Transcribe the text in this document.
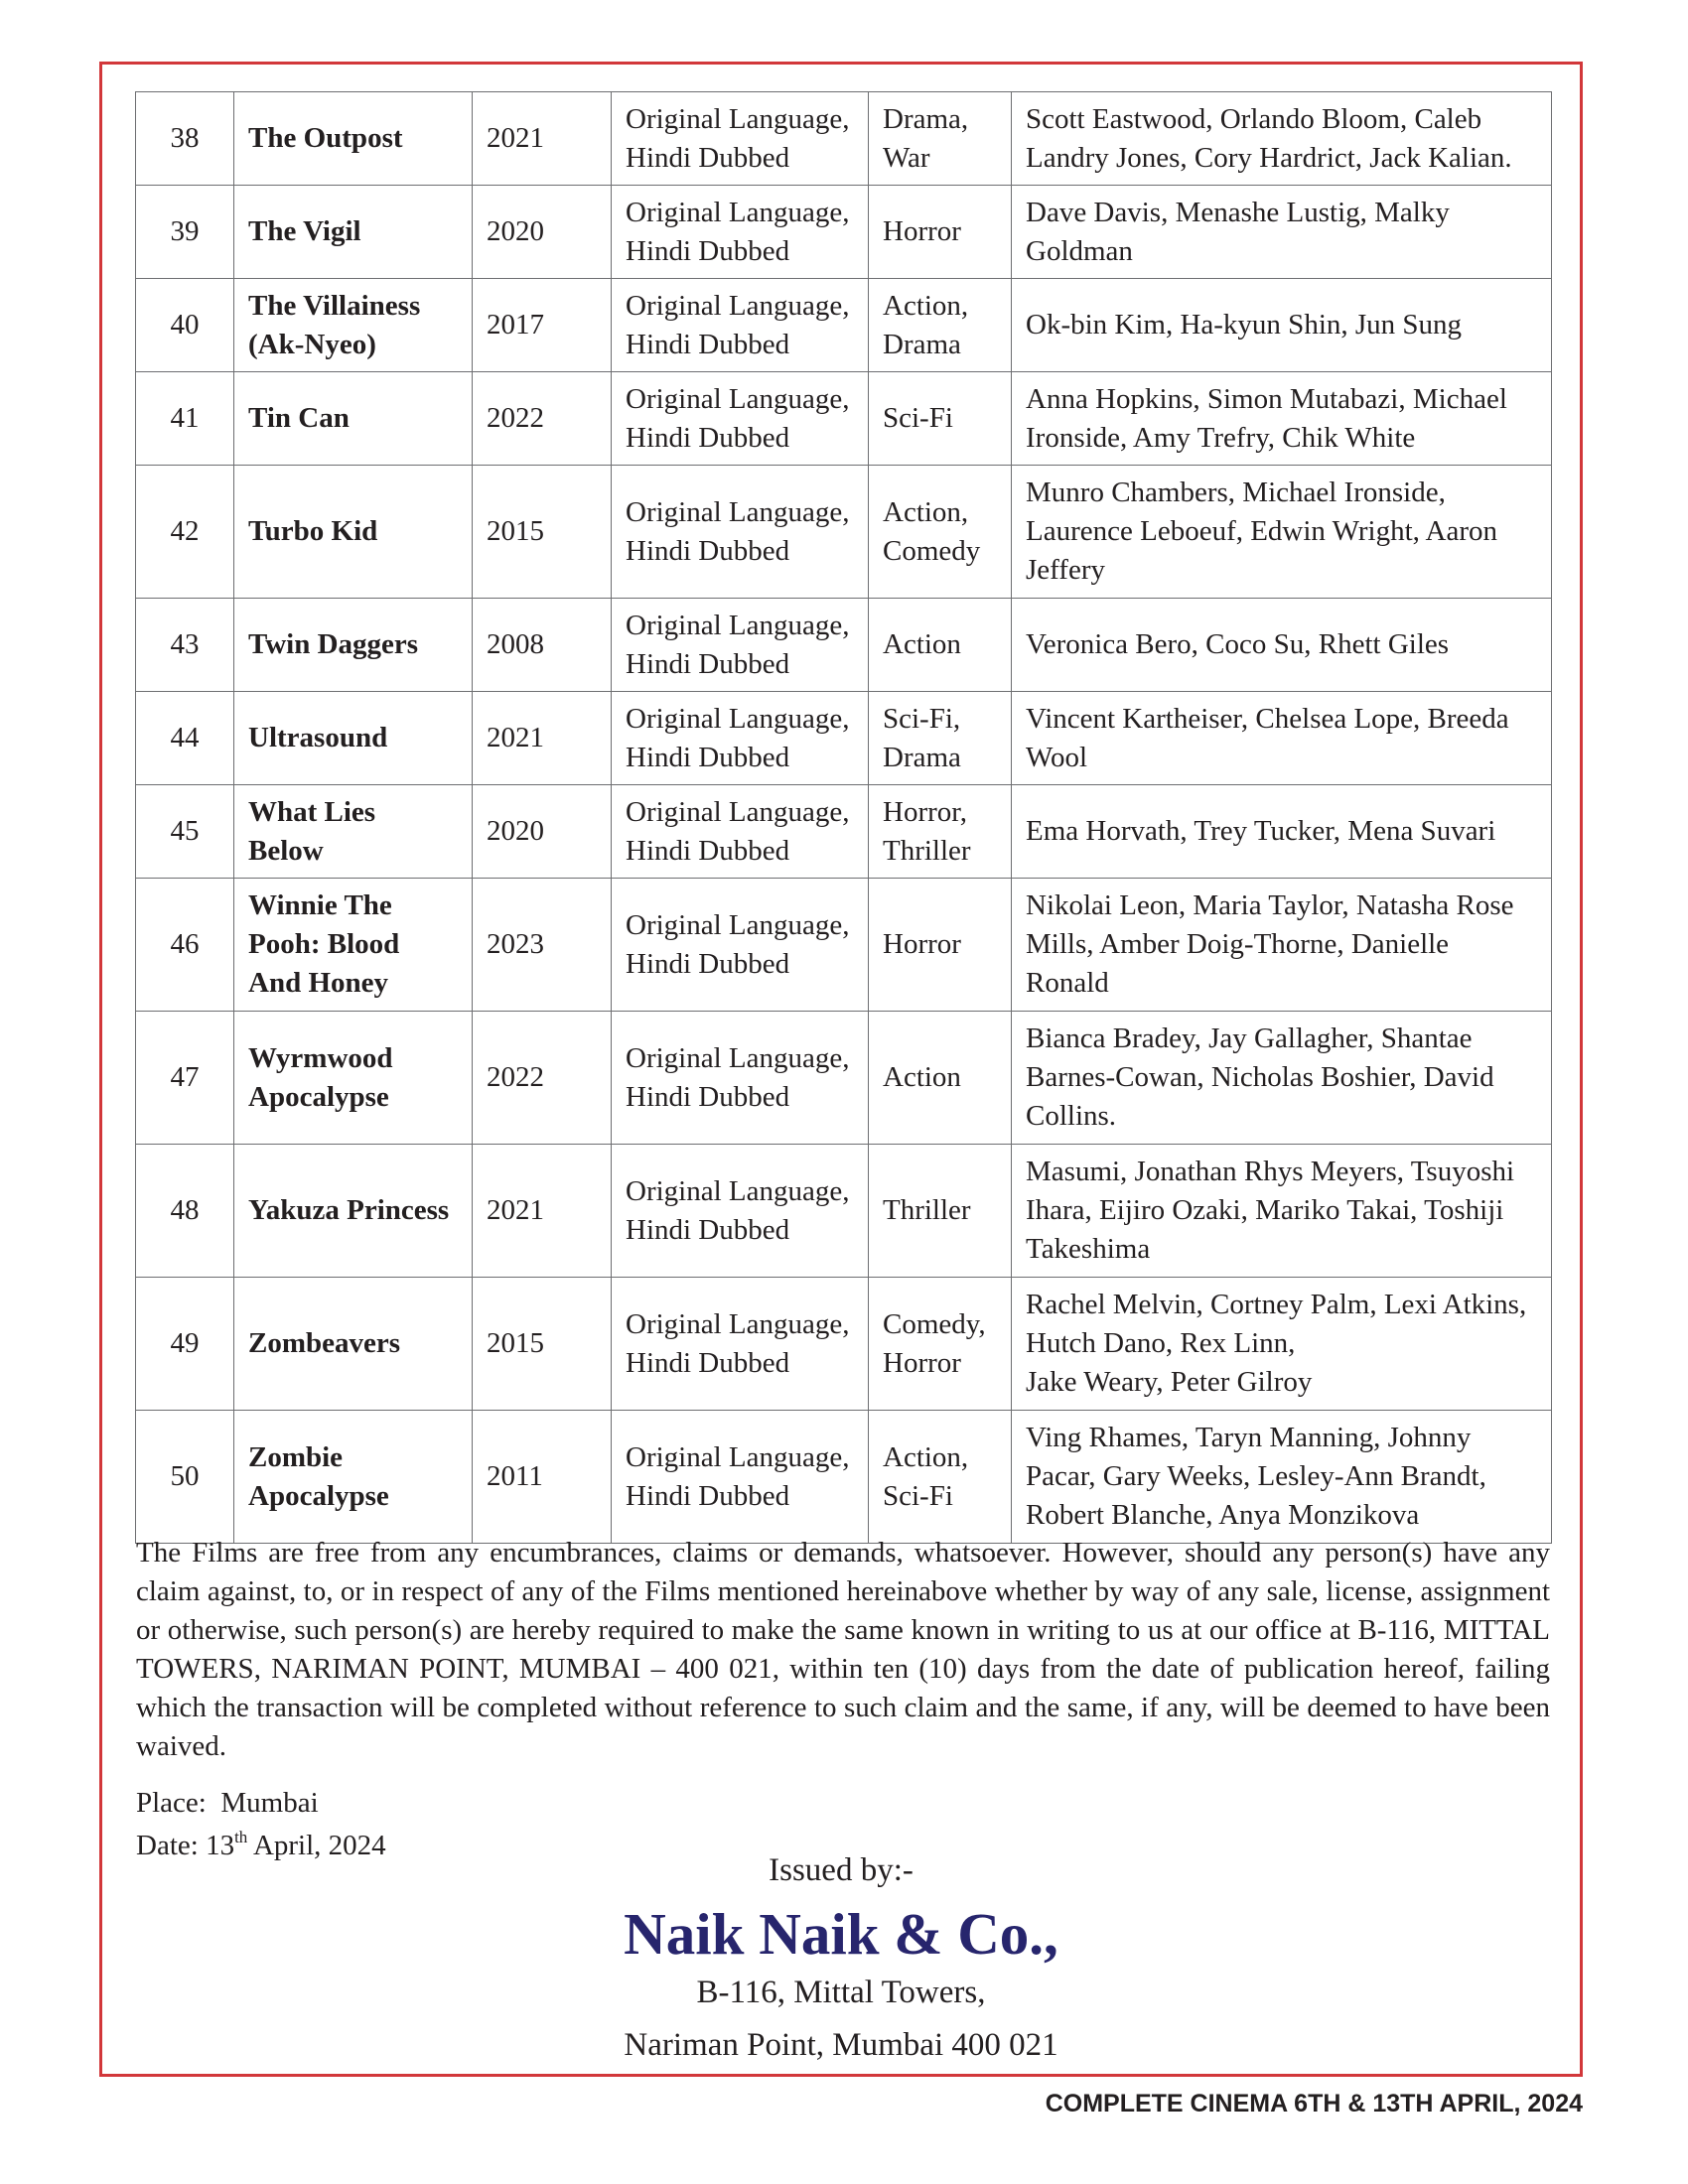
38	The Outpost	2021	Original Language, Hindi Dubbed	Drama, War	Scott Eastwood, Orlando Bloom, Caleb Landry Jones, Cory Hardrict, Jack Kalian.
39	The Vigil	2020	Original Language, Hindi Dubbed	Horror	Dave Davis, Menashe Lustig, Malky Goldman
40	The Villainess (Ak-Nyeo)	2017	Original Language, Hindi Dubbed	Action, Drama	Ok-bin Kim, Ha-kyun Shin, Jun Sung
41	Tin Can	2022	Original Language, Hindi Dubbed	Sci-Fi	Anna Hopkins, Simon Mutabazi, Michael Ironside, Amy Trefry, Chik White
42	Turbo Kid	2015	Original Language, Hindi Dubbed	Action, Comedy	Munro Chambers, Michael Ironside, Laurence Leboeuf, Edwin Wright, Aaron Jeffery
43	Twin Daggers	2008	Original Language, Hindi Dubbed	Action	Veronica Bero, Coco Su, Rhett Giles
44	Ultrasound	2021	Original Language, Hindi Dubbed	Sci-Fi, Drama	Vincent Kartheiser, Chelsea Lope, Breeda Wool
45	What Lies Below	2020	Original Language, Hindi Dubbed	Horror, Thriller	Ema Horvath, Trey Tucker, Mena Suvari
46	Winnie The Pooh: Blood And Honey	2023	Original Language, Hindi Dubbed	Horror	Nikolai Leon, Maria Taylor, Natasha Rose Mills, Amber Doig-Thorne, Danielle Ronald
47	Wyrmwood Apocalypse	2022	Original Language, Hindi Dubbed	Action	Bianca Bradey, Jay Gallagher, Shantae Barnes-Cowan, Nicholas Boshier, David Collins.
48	Yakuza Princess	2021	Original Language, Hindi Dubbed	Thriller	Masumi, Jonathan Rhys Meyers, Tsuyoshi Ihara, Eijiro Ozaki, Mariko Takai, Toshiji Takeshima
49	Zombeavers	2015	Original Language, Hindi Dubbed	Comedy, Horror	Rachel Melvin, Cortney Palm, Lexi Atkins, Hutch Dano, Rex Linn,
Jake Weary, Peter Gilroy
50	Zombie Apocalypse	2011	Original Language, Hindi Dubbed	Action, Sci-Fi	Ving Rhames, Taryn Manning, Johnny Pacar, Gary Weeks, Lesley-Ann Brandt, Robert Blanche, Anya Monzikova
The Films are free from any encumbrances, claims or demands, whatsoever. However, should any person(s) have any claim against, to, or in respect of any of the Films mentioned hereinabove whether by way of any sale, license, assignment or otherwise, such person(s) are hereby required to make the same known in writing to us at our office at B-116, MITTAL TOWERS, NARIMAN POINT, MUMBAI – 400 021, within ten (10) days from the date of publication hereof, failing which the transaction will be completed without reference to such claim and the same, if any, will be deemed to have been waived.
Place: Mumbai
Date: 13th April, 2024
Issued by:-
Naik Naik & Co.,
B-116, Mittal Towers,
Nariman Point, Mumbai 400 021
COMPLETE CINEMA 6TH & 13TH APRIL, 2024
